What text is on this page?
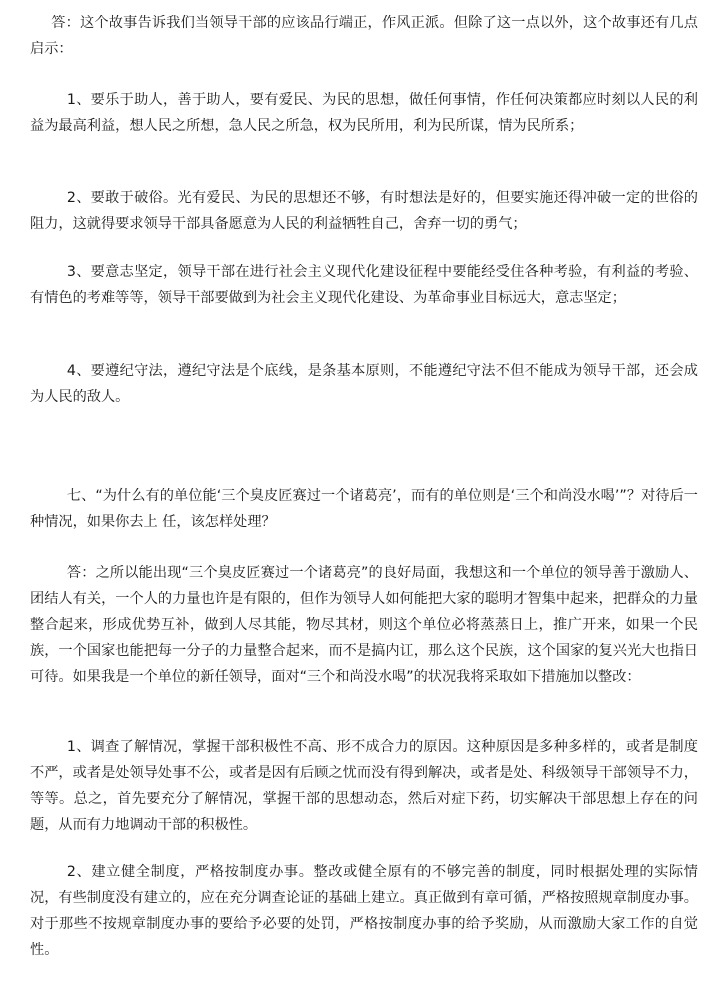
答：这个故事告诉我们当领导干部的应该品行端正，作风正派。但除了这一点以外，这个故事还有几点启示：

1、要乐于助人，善于助人，要有爱民、为民的思想，做任何事情，作任何决策都应时刻以人民的利益为最高利益，想人民之所想，急人民之所急，权为民所用，利为民所谋，情为民所系；

2、要敢于破俗。光有爱民、为民的思想还不够，有时想法是好的，但要实施还得冲破一定的世俗的阻力，这就得要求领导干部具备愿意为人民的利益牺牲自己，舍弃一切的勇气；

3、要意志坚定，领导干部在进行社会主义现代化建设征程中要能经受住各种考验，有利益的考验、有情色的考难等等，领导干部要做到为社会主义现代化建设、为革命事业目标远大，意志坚定；

4、要遵纪守法，遵纪守法是个底线，是条基本原则，不能遵纪守法不但不能成为领导干部，还会成为人民的敌人。

七、“为什么有的单位能‘三个臭皮匠赛过一个诸葛亮’，而有的单位则是‘三个和尚没水喝’”？对待后一种情况，如果你去上 任，该怎样处理？

答：之所以能出现“三个臭皮匠赛过一个诸葛亮”的良好局面，我想这和一个单位的领导善于激励人、团结人有关，一个人的力量也许是有限的，但作为领导人如何能把大家的聪明才智集中起来，把群众的力量整合起来，形成优势互补，做到人尽其能，物尽其材，则这个单位必将蒸蒸日上，推广开来，如果一个民族，一个国家也能把每一分子的力量整合起来，而不是搞内讧，那么这个民族，这个国家的复兴光大也指日可待。如果我是一个单位的新任领导，面对“三个和尚没水喝”的状况我将采取如下措施加以整改：

1、调查了解情况，掌握干部积极性不高、形不成合力的原因。这种原因是多种多样的，或者是制度不严，或者是处领导处事不公，或者是因有后顾之忧而没有得到解决，或者是处、科级领导干部领导不力，等等。总之，首先要充分了解情况，掌握干部的思想动态，然后对症下药，切实解决干部思想上存在的问题，从而有力地调动干部的积极性。

2、建立健全制度，严格按制度办事。整改或健全原有的不够完善的制度，同时根据处理的实际情况，有些制度没有建立的，应在充分调查论证的基础上建立。真正做到有章可循，严格按照规章制度办事。对于那些不按规章制度办事的要给予必要的处罚，严格按制度办事的给予奖励，从而激励大家工作的自觉性。
